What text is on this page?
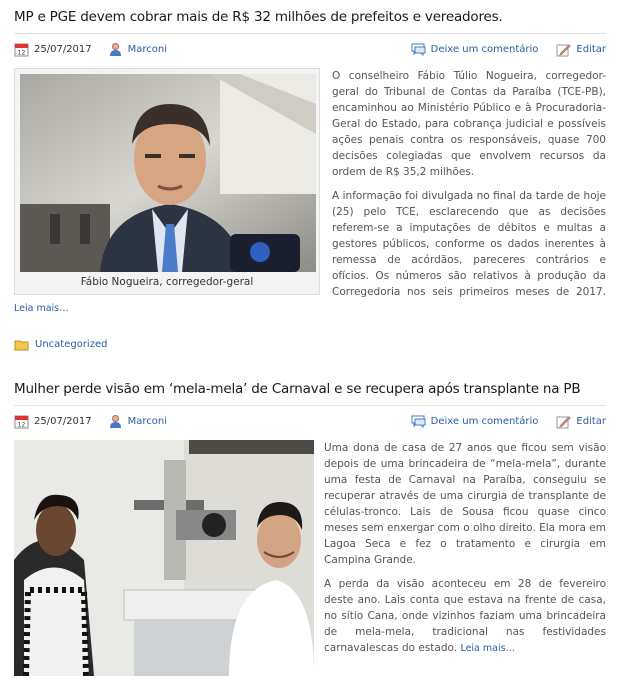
MP e PGE devem cobrar mais de R$ 32 milhões de prefeitos e vereadores.
12 25/07/2017	Marconi	Deixe um comentário	Editar
Fábio Nogueira, corregedor-geral

O conselheiro Fábio Túlio Nogueira, corregedor-geral do Tribunal de Contas da Paraíba (TCE-PB), encaminhou ao Ministério Público e à Procuradoria-Geral do Estado, para cobrança judicial e possíveis ações penais contra os responsáveis, quase 700 decisões colegiadas que envolvem recursos da ordem de R$ 35,2 milhões.

A informação foi divulgada no final da tarde de hoje (25) pelo TCE, esclarecendo que as decisões referem-se a imputações de débitos e multas a gestores públicos, conforme os dados inerentes à remessa de acórdãos, pareceres contrários e ofícios. Os números são relativos à produção da Corregedoria nos seis primeiros meses de 2017. Leia mais…

Uncategorized
Mulher perde visão em ‘mela-mela’ de Carnaval e se recupera após transplante na PB
12 25/07/2017	Marconi	Deixe um comentário	Editar

Uma dona de casa de 27 anos que ficou sem visão depois de uma brincadeira de “mela-mela”, durante uma festa de Carnaval na Paraíba, conseguiu se recuperar através de uma cirurgia de transplante de células-tronco. Lais de Sousa ficou quase cinco meses sem enxergar com o olho direito. Ela mora em Lagoa Seca e fez o tratamento e cirurgia em Campina Grande.

A perda da visão aconteceu em 28 de fevereiro deste ano. Lais conta que estava na frente de casa, no sítio Cana, onde vizinhos faziam uma brincadeira de mela-mela, tradicional nas festividades carnavalescas do estado. Leia mais…
